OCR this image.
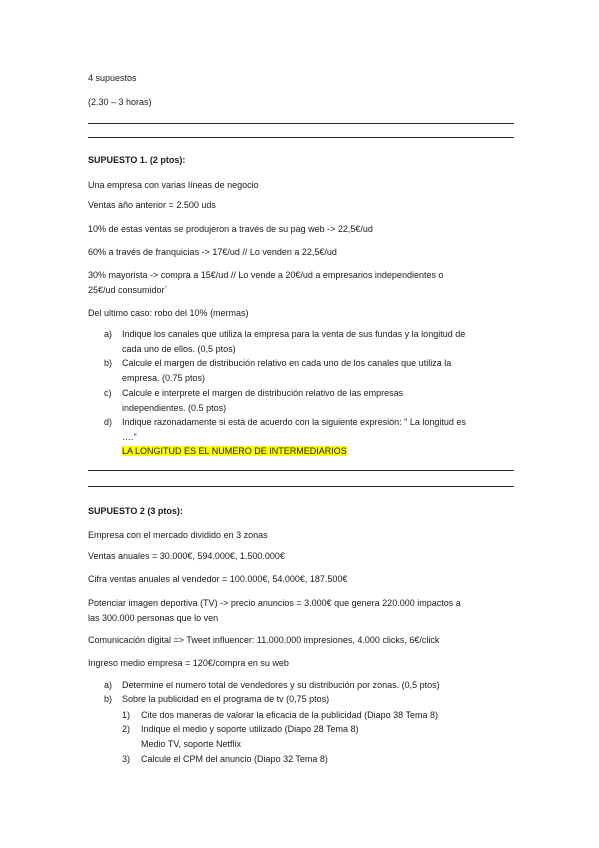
4 supuestos
(2.30 – 3 horas)
SUPUESTO 1. (2 ptos):
Una empresa con varias líneas de negocio
Ventas año anterior = 2.500 uds
10% de estas ventas se produjeron a través de su pag web -> 22,5€/ud
60% a través de franquicias -> 17€/ud // Lo venden a 22,5€/ud
30% mayorista -> compra a 15€/ud // Lo vende a 20€/ud a empresarios independientes o
25€/ud consumidor`
Del ultimo caso: robo del 10% (mermas)
a) Indique los canales que utiliza la empresa para la venta de sus fundas y la longitud de
cada uno de ellos. (0,5 ptos)
b) Calcule el margen de distribución relativo en cada uno de los canales que utiliza la
empresa. (0.75 ptos)
c) Calcule e interprete el margen de distribución relativo de las empresas
independientes. (0.5 ptos)
d) Indique razonadamente si está de acuerdo con la siguiente expresión: " La longitud es
…."
LA LONGITUD ES EL NUMERO DE INTERMEDIARIOS
SUPUESTO 2 (3 ptos):
Empresa con el mercado dividido en 3 zonas
Ventas anuales = 30.000€, 594.000€, 1.500.000€
Cifra ventas anuales al vendedor = 100.000€, 54.000€, 187.500€
Potenciar imagen deportiva (TV) -> precio anuncios = 3.000€ que genera 220.000 impactos a
las 300.000 personas que lo ven
Comunicación digital => Tweet influencer: 11.000.000 impresiones, 4.000 clicks, 6€/click
Ingreso medio empresa = 120€/compra en su web
a) Determine el numero total de vendedores y su distribución por zonas. (0,5 ptos)
b) Sobre la publicidad en el programa de tv (0,75 ptos)
1) Cite dos maneras de valorar la eficacia de la publicidad (Diapo 38 Tema 8)
2) Indique el medio y soporte utilizado (Diapo 28 Tema 8)
Medio TV, soporte Netflix
3) Calcule el CPM del anuncio (Diapo 32 Tema 8)
